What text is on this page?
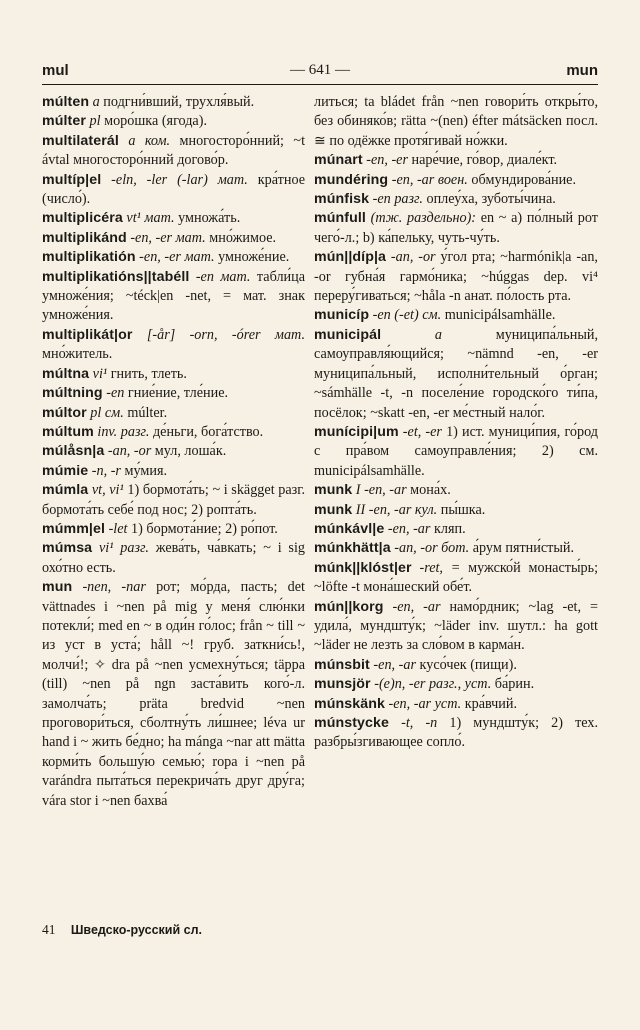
mul	— 641 —	mun

múlten a подгни́вший, трухля́вый.

múlter pl моро́шка (ягода).

multilaterál a ком. многосторо́нний; ~t ávtal многосторо́нний догово́р.

multíp|el -eln, -ler (-lar) мат. кра́тное (число́).

multiplicéra vt¹ мат. умножа́ть.

multiplikánd -en, -er мат. мно́жимое.

multiplikatión -en, -er мат. умноже́ние.

multiplikatións||tabéll -en мат. табли́ца умноже́ния; ~téck|en -net, = мат. знак умноже́ния.

multiplikát|or [-år] -orn, -órer мат. мно́житель.

múltna vi¹ гнить, тлеть.

múltning -en гние́ние, тле́ние.

múltor pl см. múlter.

múltum inv. разг. де́ньги, бога́тство.

múlåsn|a -an, -or мул, лоша́к.

múmie -n, -r му́мия.

múmla vt, vi¹ 1) бормота́ть; ~ i skägget разг. бормота́ть себе́ под нос; 2) ропта́ть.

múmm|el -let 1) бормота́ние; 2) ро́пот.

múmsa vi¹ разг. жева́ть, ча́вкать; ~ i sig охо́тно есть.

mun -nen, -nar рот; мо́рда, пасть; det vättnades i ~nen på mig у меня́ слю́нки потекли́; med en ~ в оди́н го́лос; från ~ till ~ из уст в уста́; håll ~! груб. заткни́сь!, молчи́!; ✧ dra på ~nen усмехну́ться; täppa (till) ~nen på ngn заста́вить кого́-л. замолча́ть; präta bredvid ~nen проговори́ться, сболтну́ть ли́шнее; léva ur hand i ~ жить бе́дно; ha mánga ~nar att mätta корми́ть большу́ю семью́; ropa i ~nen på varándra пыта́ться перекрича́ть друг дру́га; vára stor i ~nen бахва́

литься; ta bládet från ~nen говори́ть откры́то, без обиняко́в; rätta ~(nen) éfter mátsäcken посл. ≅ по одёжке протя́гивай но́жки.

múnart -en, -er наре́чие, го́вор, диале́кт.

mundéring -en, -ar воен. обмундирова́ние.

múnfisk -en разг. оплеу́ха, зуботы́чина.

múnfull (тж. раздельно): en ~ а) по́лный рот чего́-л.; b) ка́пельку, чуть-чу́ть.

mún||díp|a -an, -or у́гол рта; ~harmónik|a -an, -or губна́я гармо́ника; ~húggas dep. vi⁴ переру́гиваться; ~håla -n анат. по́лость рта.

municíp -en (-et) см. municipálsamhälle.

municipál	a	муниципа́льный, самоуправля́ющийся; ~nämnd -en, -er муниципа́льный, исполни́тельный о́рган; ~sámhälle -t, -n поселе́ние городско́го ти́па, посёлок; ~skatt -en, -er ме́стный нало́г.

munícipi|um -et, -er 1) ист. муници́пия, го́род с пра́вом самоуправле́ния; 2) см. municipálsamhälle.

munk I -en, -ar мона́х.

munk II -en, -ar кул. пы́шка.

múnkávl|e -en, -ar кляп.

múnkhätt|a -an, -or бот. а́рум пятни́стый.

múnk||klóst|er -ret, = мужско́й монасты́рь; ~löfte -t мона́шеский обе́т.

mún||korg -en, -ar намо́рдник; ~lag -et, = удила́, мундшту́к; ~läder inv. шутл.: ha gott ~läder не лезть за сло́вом в карма́н.

múnsbit -en, -ar кусо́чек (пищи).

munsjör -(e)n, -er разг., уст. ба́рин.

múnskänk -en, -ar уст. кра́вчий.

múnstycke -t, -n 1) мундшту́к; 2) тех. разбры́згивающее сопло́.

41 Шведско-русский сл.
